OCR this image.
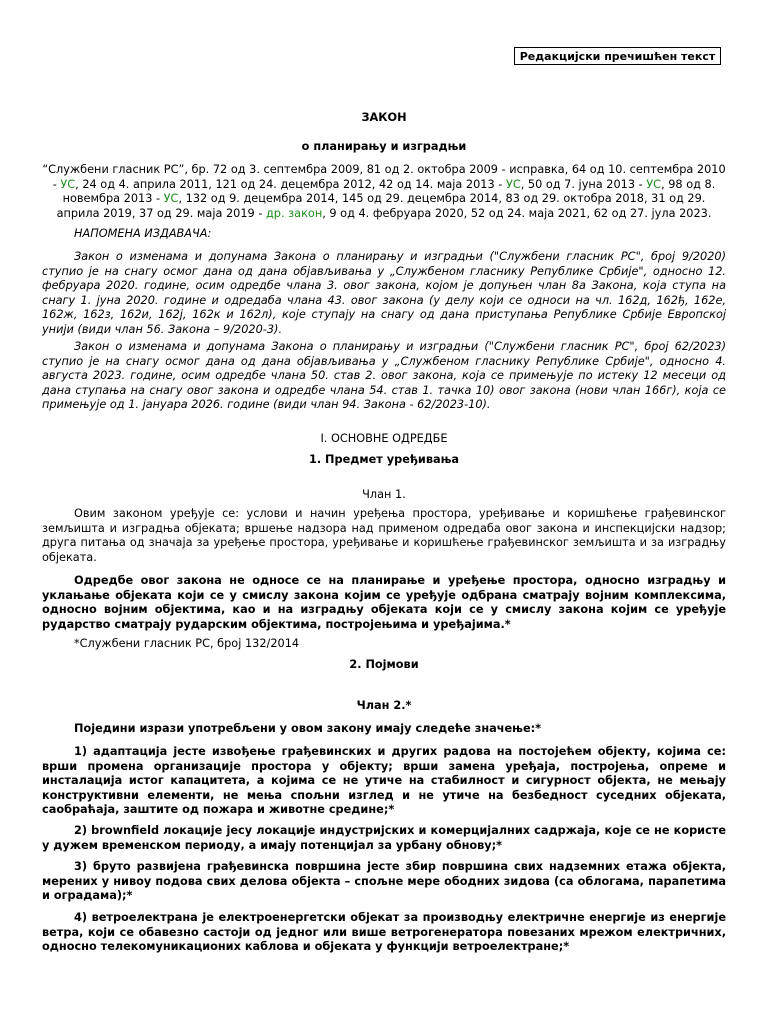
Редакцијски пречишћен текст
ЗАКОН
о планирању и изградњи
“Службени гласник РС”, бр. 72 од 3. септембра 2009, 81 од 2. октобра 2009 - исправка, 64 од 10. септембра 2010 - УС, 24 од 4. априла 2011, 121 од 24. децембра 2012, 42 од 14. маја 2013 - УС, 50 од 7. јуна 2013 - УС, 98 од 8. новембра 2013 - УС, 132 од 9. децембра 2014, 145 од 29. децембра 2014, 83 од 29. октобра 2018, 31 од 29. априла 2019, 37 од 29. маја 2019 - др. закон, 9 од 4. фебруара 2020, 52 од 24. маја 2021, 62 од 27. јула 2023.
НАПОМЕНА ИЗДАВАЧА:

Закон о изменама и допунама Закона о планирању и изградњи ("Службени гласник РС", број 9/2020) ступио је на снагу осмог дана од дана објављивања у „Службеном гласнику Републике Србије", односно 12. фебруара 2020. године, осим одредбе члана 3. овог закона, којом је допуњен члан 8а Закона, која ступа на снагу 1. јуна 2020. године и одредаба члана 43. овог закона (у делу који се односи на чл. 162д, 162ђ, 162е, 162ж, 162з, 162и, 162ј, 162к и 162л), које ступају на снагу од дана приступања Републике Србије Европској унији (види члан 56. Закона – 9/2020-3).

Закон о изменама и допунама Закона о планирању и изградњи ("Службени гласник РС", број 62/2023) ступио је на снагу осмог дана од дана објављивања у „Службеном гласнику Републике Србије", односно 4. августа 2023. године, осим одредбе члана 50. став 2. овог закона, која се примењује по истеку 12 месеци од дана ступања на снагу овог закона и одредбе члана 54. став 1. тачка 10) овог закона (нови члан 166г), која се примењује од 1. јануара 2026. године (види члан 94. Закона - 62/2023-10).

I. ОСНОВНЕ ОДРЕДБЕ
1. Предмет уређивања
Члан 1.

Овим законом уређује се: услови и начин уређења простора, уређивање и коришћење грађевинског земљишта и изградња објеката; вршење надзора над применом одредаба овог закона и инспекцијски надзор; друга питања од значаја за уређење простора, уређивање и коришћење грађевинског земљишта и за изградњу објеката.

Одредбе овог закона не односе се на планирање и уређење простора, односно изградњу и уклањање објеката који се у смислу закона којим се уређује одбрана сматрају војним комплексима, односно војним објектима, као и на изградњу објеката који се у смислу закона којим се уређује рударство сматрају рударским објектима, постројењима и уређајима.*

*Службени гласник РС, број 132/2014
2. Појмови
Члан 2.*
Поједини изрази употребљени у овом закону имају следеће значење:*

1) адаптација јесте извођење грађевинских и других радова на постојећем објекту, којима се: врши промена организације простора у објекту; врши замена уређаја, постројења, опреме и инсталација истог капацитета, а којима се не утиче на стабилност и сигурност објекта, не мењају конструктивни елементи, не мења спољни изглед и не утиче на безбедност суседних објеката, саобраћаја, заштите од пожара и животне средине;*

2) brownfield локације јесу локације индустријских и комерцијалних садржаја, које се не користе у дужем временском периоду, а имају потенцијал за урбану обнову;*

3) бруто развијена грађевинска површина јесте збир површина свих надземних етажа објекта, мерених у нивоу подова свих делова објекта – спољне мере ободних зидова (са облогама, парапетима и оградама);*

4) ветроелектрана је електроенергетски објекат за производњу електричне енергије из енергије ветра, који се обавезно састоји од једног или више ветрогенератора повезаних мрежом електричних, односно телекомуникационих каблова и објеката у функцији ветроелектране;*
